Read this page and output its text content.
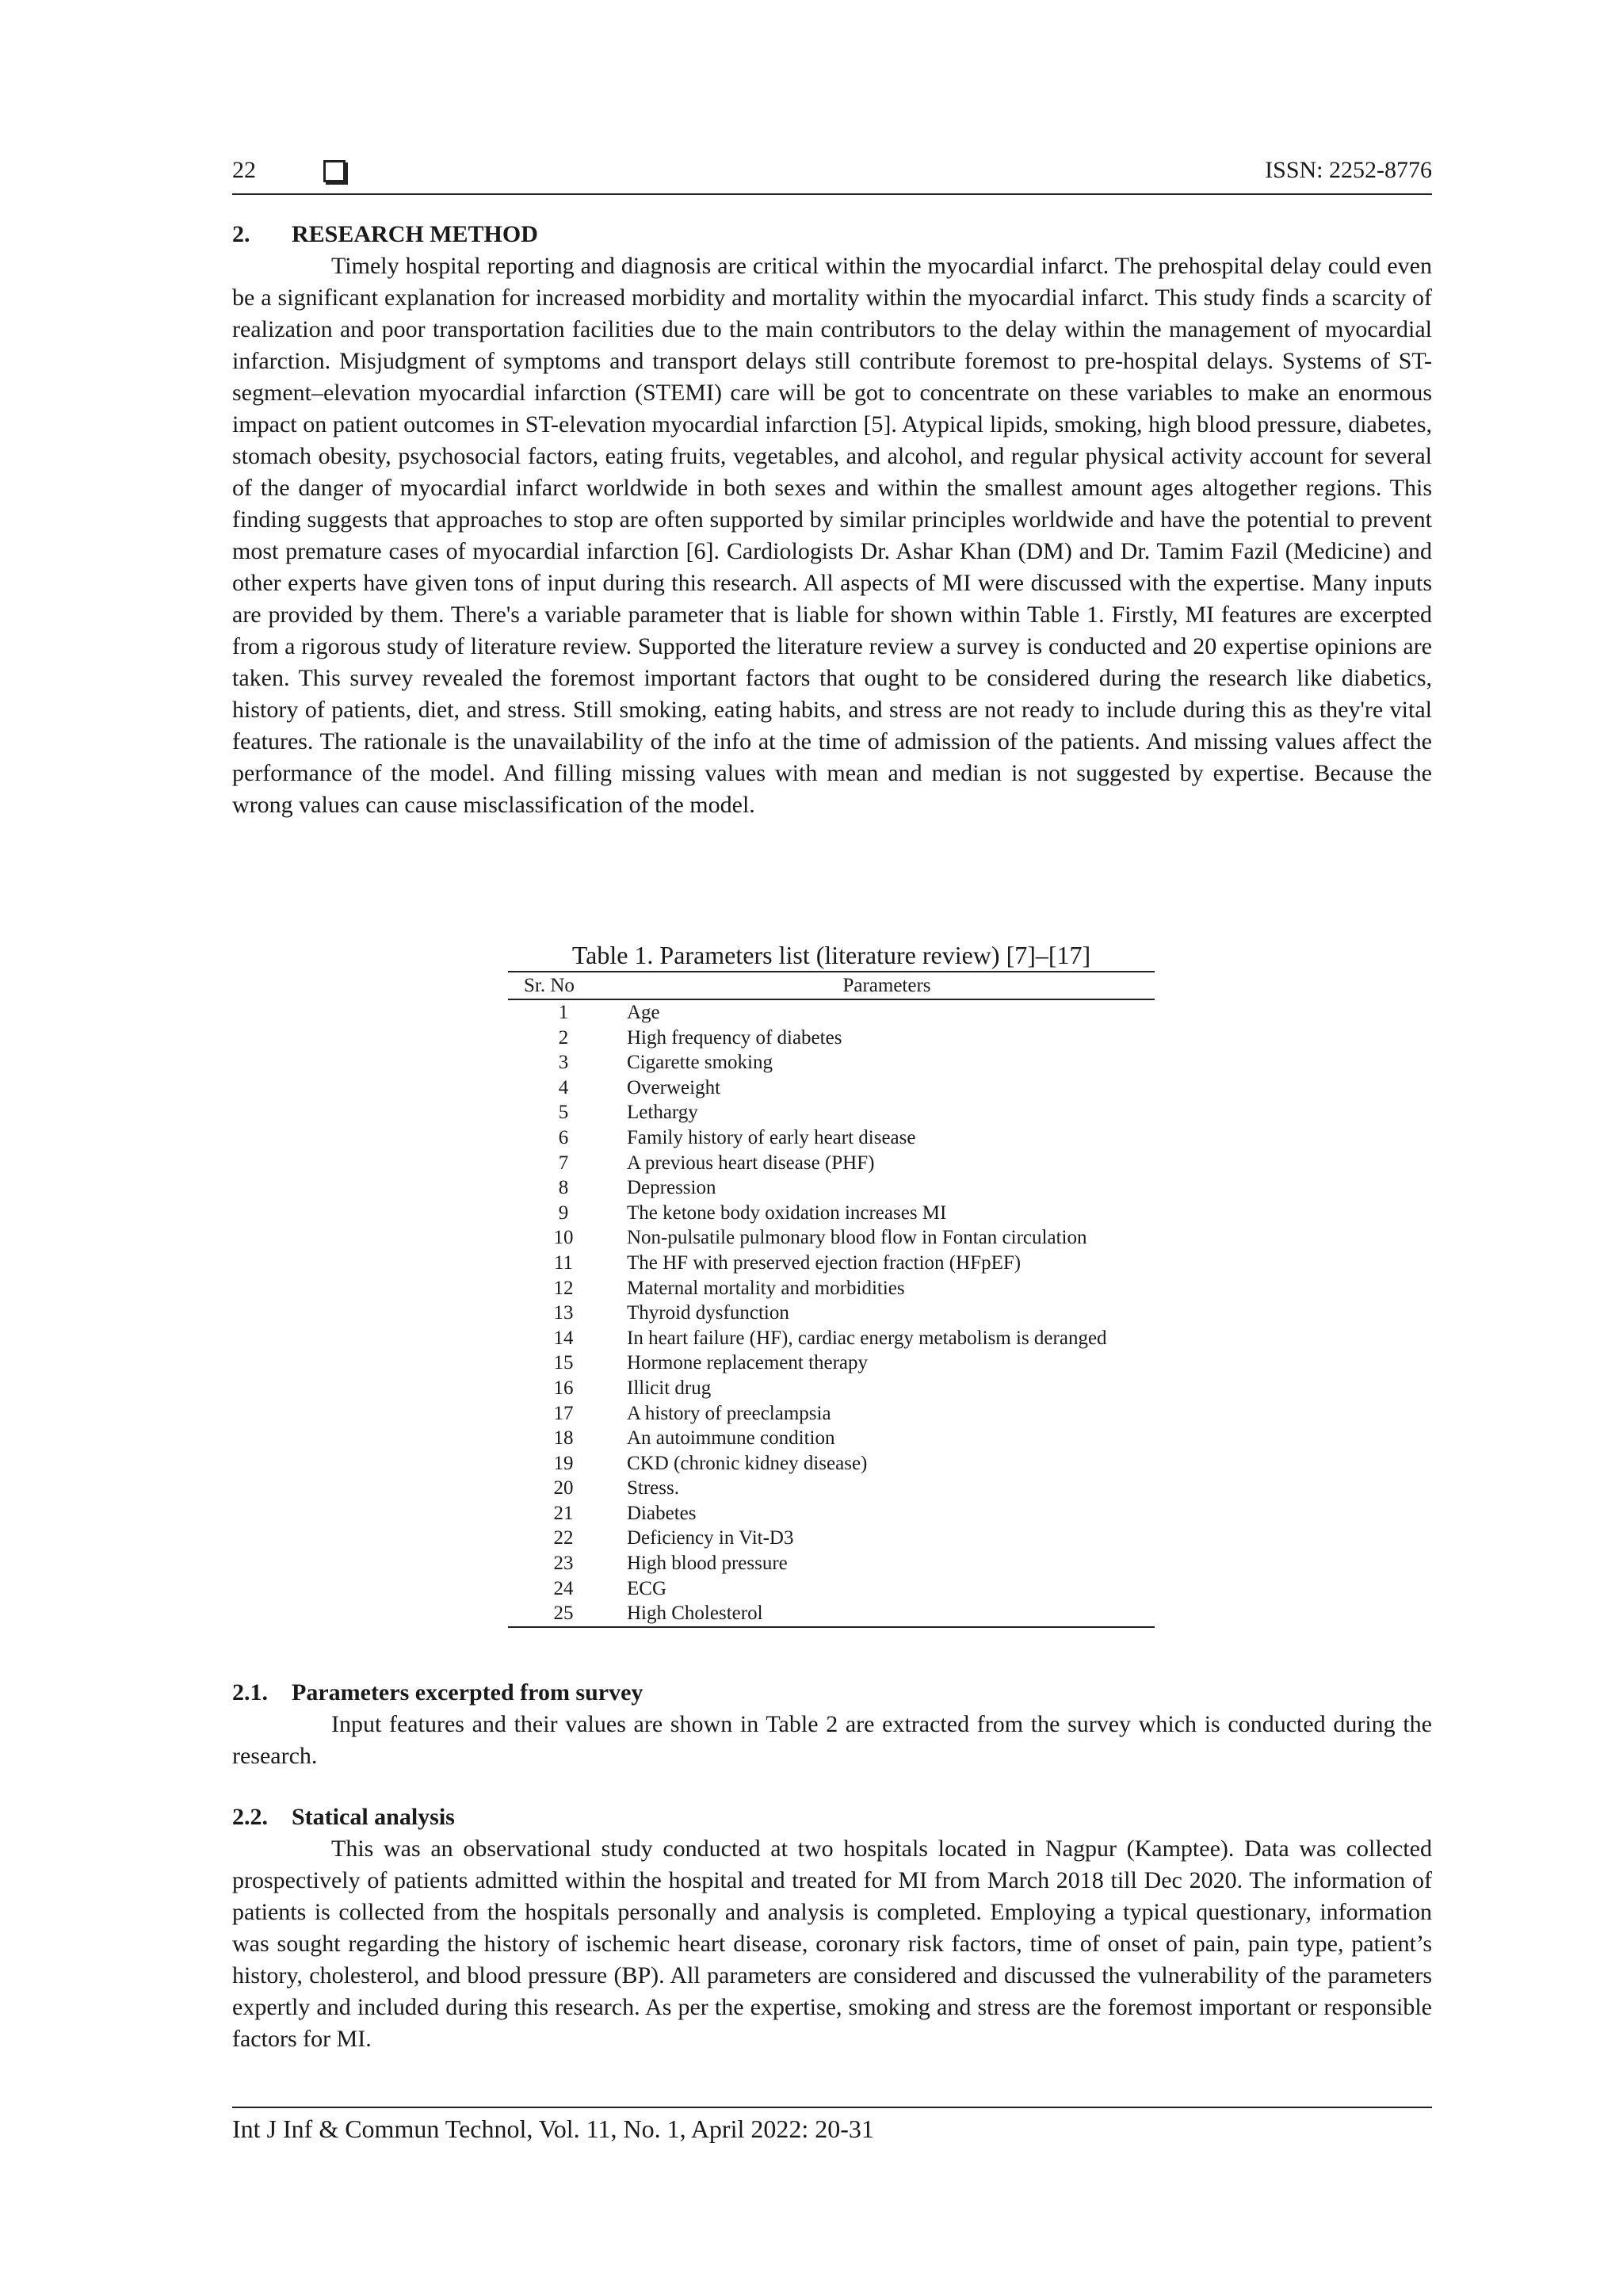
22	ISSN: 2252-8776
2. RESEARCH METHOD

Timely hospital reporting and diagnosis are critical within the myocardial infarct. The prehospital delay could even be a significant explanation for increased morbidity and mortality within the myocardial infarct. This study finds a scarcity of realization and poor transportation facilities due to the main contributors to the delay within the management of myocardial infarction. Misjudgment of symptoms and transport delays still contribute foremost to pre-hospital delays. Systems of ST-segment–elevation myocardial infarction (STEMI) care will be got to concentrate on these variables to make an enormous impact on patient outcomes in ST-elevation myocardial infarction [5]. Atypical lipids, smoking, high blood pressure, diabetes, stomach obesity, psychosocial factors, eating fruits, vegetables, and alcohol, and regular physical activity account for several of the danger of myocardial infarct worldwide in both sexes and within the smallest amount ages altogether regions. This finding suggests that approaches to stop are often supported by similar principles worldwide and have the potential to prevent most premature cases of myocardial infarction [6]. Cardiologists Dr. Ashar Khan (DM) and Dr. Tamim Fazil (Medicine) and other experts have given tons of input during this research. All aspects of MI were discussed with the expertise. Many inputs are provided by them. There's a variable parameter that is liable for shown within Table 1. Firstly, MI features are excerpted from a rigorous study of literature review. Supported the literature review a survey is conducted and 20 expertise opinions are taken. This survey revealed the foremost important factors that ought to be considered during the research like diabetics, history of patients, diet, and stress. Still smoking, eating habits, and stress are not ready to include during this as they're vital features. The rationale is the unavailability of the info at the time of admission of the patients. And missing values affect the performance of the model. And filling missing values with mean and median is not suggested by expertise. Because the wrong values can cause misclassification of the model.

Table 1. Parameters list (literature review) [7]–[17]
Sr. No	Parameters
1	Age
2	High frequency of diabetes
3	Cigarette smoking
4	Overweight
5	Lethargy
6	Family history of early heart disease
7	A previous heart disease (PHF)
8	Depression
9	The ketone body oxidation increases MI
10	Non-pulsatile pulmonary blood flow in Fontan circulation
11	The HF with preserved ejection fraction (HFpEF)
12	Maternal mortality and morbidities
13	Thyroid dysfunction
14	In heart failure (HF), cardiac energy metabolism is deranged
15	Hormone replacement therapy
16	Illicit drug
17	A history of preeclampsia
18	An autoimmune condition
19	CKD (chronic kidney disease)
20	Stress.
21	Diabetes
22	Deficiency in Vit-D3
23	High blood pressure
24	ECG
25	High Cholesterol
2.1. Parameters excerpted from survey

Input features and their values are shown in Table 2 are extracted from the survey which is conducted during the research.

2.2. Statical analysis

This was an observational study conducted at two hospitals located in Nagpur (Kamptee). Data was collected prospectively of patients admitted within the hospital and treated for MI from March 2018 till Dec 2020. The information of patients is collected from the hospitals personally and analysis is completed. Employing a typical questionary, information was sought regarding the history of ischemic heart disease, coronary risk factors, time of onset of pain, pain type, patient’s history, cholesterol, and blood pressure (BP). All parameters are considered and discussed the vulnerability of the parameters expertly and included during this research. As per the expertise, smoking and stress are the foremost important or responsible factors for MI.

Int J Inf & Commun Technol, Vol. 11, No. 1, April 2022: 20-31
